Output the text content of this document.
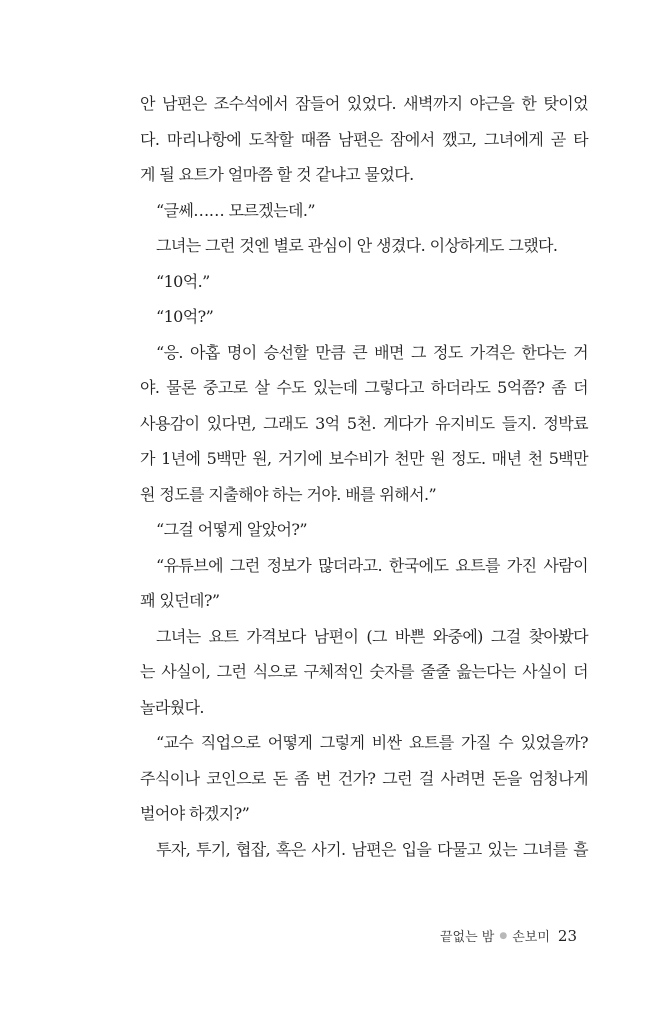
안 남편은 조수석에서 잠들어 있었다. 새벽까지 야근을 한 탓이었
다. 마리나항에 도착할 때쯤 남편은 잠에서 깼고, 그녀에게 곧 타
게 될 요트가 얼마쯤 할 것 같냐고 물었다.
“글쎄…… 모르겠는데.”
그녀는 그런 것엔 별로 관심이 안 생겼다. 이상하게도 그랬다.
“10억.”
“10억?”
“응. 아홉 명이 승선할 만큼 큰 배면 그 정도 가격은 한다는 거
야. 물론 중고로 살 수도 있는데 그렇다고 하더라도 5억쯤? 좀 더
사용감이 있다면, 그래도 3억 5천. 게다가 유지비도 들지. 정박료
가 1년에 5백만 원, 거기에 보수비가 천만 원 정도. 매년 천 5백만
원 정도를 지출해야 하는 거야. 배를 위해서.”
“그걸 어떻게 알았어?”
“유튜브에 그런 정보가 많더라고. 한국에도 요트를 가진 사람이
꽤 있던데?”
그녀는 요트 가격보다 남편이 (그 바쁜 와중에) 그걸 찾아봤다
는 사실이, 그런 식으로 구체적인 숫자를 줄줄 읊는다는 사실이 더
놀라웠다.
“교수 직업으로 어떻게 그렇게 비싼 요트를 가질 수 있었을까?
주식이나 코인으로 돈 좀 번 건가? 그런 걸 사려면 돈을 엄청나게
벌어야 하겠지?”
투자, 투기, 협잡, 혹은 사기. 남편은 입을 다물고 있는 그녀를 흘
끝없는 밤 ● 손보미 23
